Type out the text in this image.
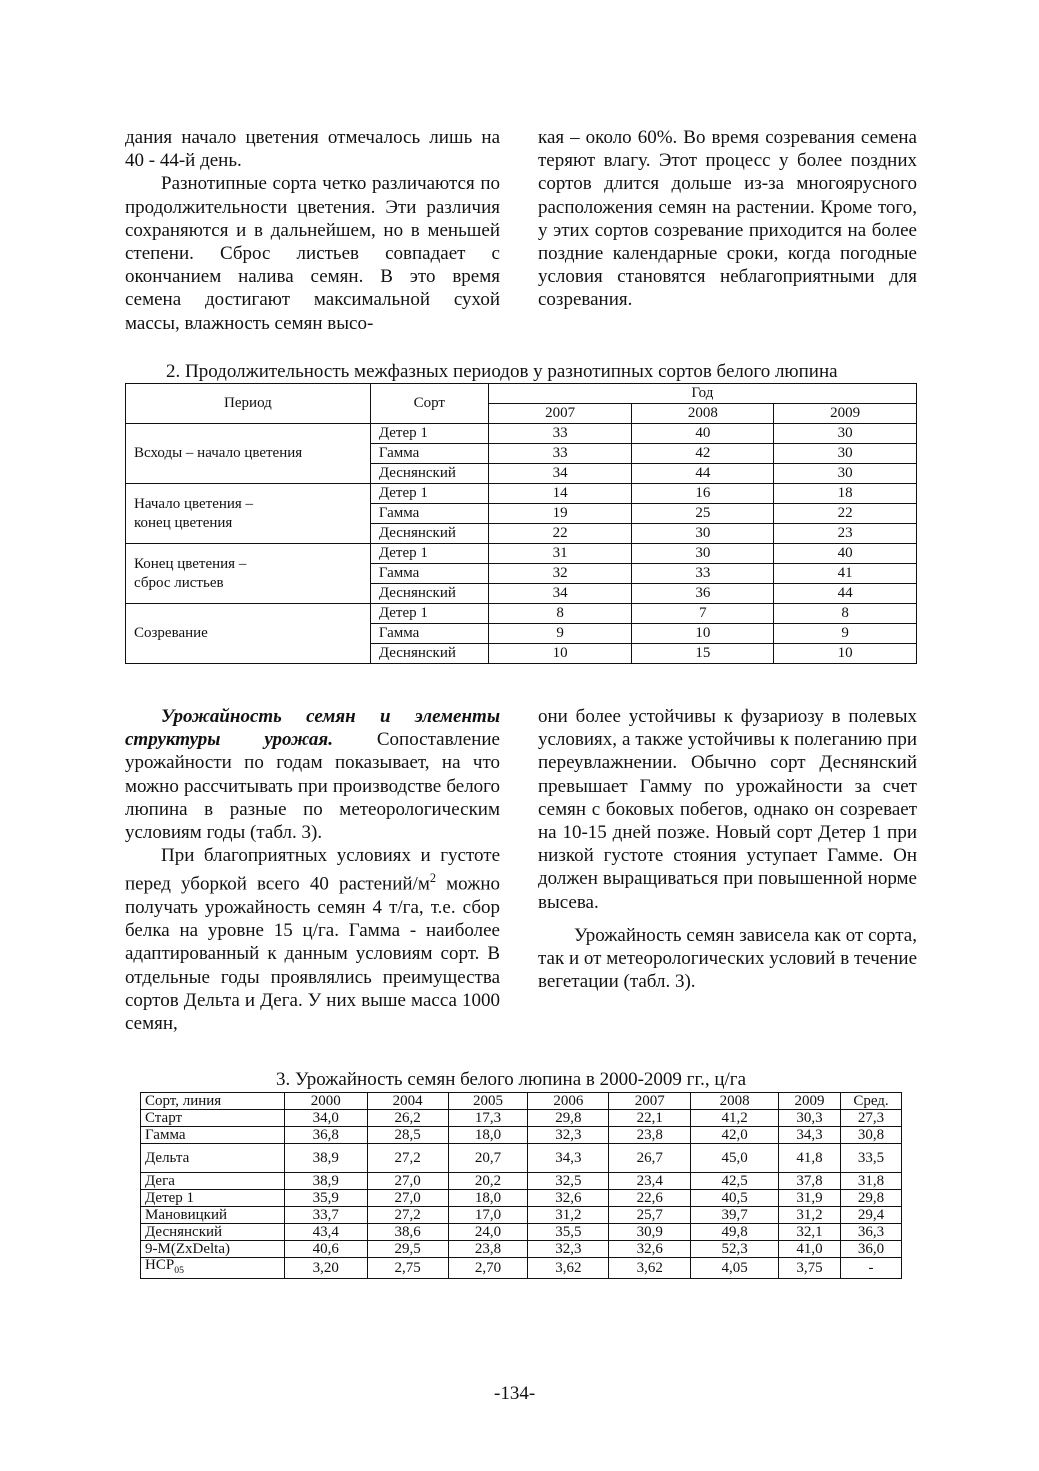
дания начало цветения отмечалось лишь на 40 - 44-й день.

Разнотипные сорта четко различаются по продолжительности цветения. Эти различия сохраняются и в дальнейшем, но в меньшей степени. Сброс листьев совпадает с окончанием налива семян. В это время семена достигают максимальной сухой массы, влажность семян высо-

кая – около 60%. Во время созревания семена теряют влагу. Этот процесс у более поздних сортов длится дольше из-за многоярусного расположения семян на растении. Кроме того, у этих сортов созревание приходится на более поздние календарные сроки, когда погодные условия становятся неблагоприятными для созревания.

2. Продолжительность межфазных периодов у разнотипных сортов белого люпина
Период	Сорт	Год		
		2007	2008	2009
Всходы – начало цветения	Детер 1	33	40	30
	Гамма	33	42	30
	Деснянский	34	44	30
Начало цветения – конец цветения	Детер 1	14	16	18
	Гамма	19	25	22
	Деснянский	22	30	23
Конец цветения – сброс листьев	Детер 1	31	30	40
	Гамма	32	33	41
	Деснянский	34	36	44
Созревание	Детер 1	8	7	8
	Гамма	9	10	9
	Деснянский	10	15	10

Урожайность семян и элементы структуры урожая. Сопоставление урожайности по годам показывает, на что можно рассчитывать при производстве белого люпина в разные по метеорологическим условиям годы (табл. 3).

При благоприятных условиях и густоте перед уборкой всего 40 растений/$м^2$ можно получать урожайность семян 4 т/га, т.е. сбор белка на уровне 15 ц/га. Гамма - наиболее адаптированный к данным условиям сорт. В отдельные годы проявлялись преимущества сортов Дельта и Дега. У них выше масса 1000 семян,

они более устойчивы к фузариозу в полевых условиях, а также устойчивы к полеганию при переувлажнении. Обычно сорт Деснянский превышает Гамму по урожайности за счет семян с боковых побегов, однако он созревает на 10-15 дней позже. Новый сорт Детер 1 при низкой густоте стояния уступает Гамме. Он должен выращиваться при повышенной норме высева.

Урожайность семян зависела как от сорта, так и от метеорологических условий в течение вегетации (табл. 3).

3. Урожайность семян белого люпина в 2000-2009 гг., ц/га
Сорт, линия	2000	2004	2005	2006	2007	2008	2009	Сред.
Старт	34,0	26,2	17,3	29,8	22,1	41,2	30,3	27,3
Гамма	36,8	28,5	18,0	32,3	23,8	42,0	34,3	30,8
Дельта	38,9	27,2	20,7	34,3	26,7	45,0	41,8	33,5
Дега	38,9	27,0	20,2	32,5	23,4	42,5	37,8	31,8
Детер 1	35,9	27,0	18,0	32,6	22,6	40,5	31,9	29,8
Мановицкий	33,7	27,2	17,0	31,2	25,7	39,7	31,2	29,4
Деснянский	43,4	38,6	24,0	35,5	30,9	49,8	32,1	36,3
9-М(ZxDelta)	40,6	29,5	23,8	32,3	32,6	52,3	41,0	36,0
$НСР_{05}$	3,20	2,75	2,70	3,62	3,62	4,05	3,75	-
-134-
